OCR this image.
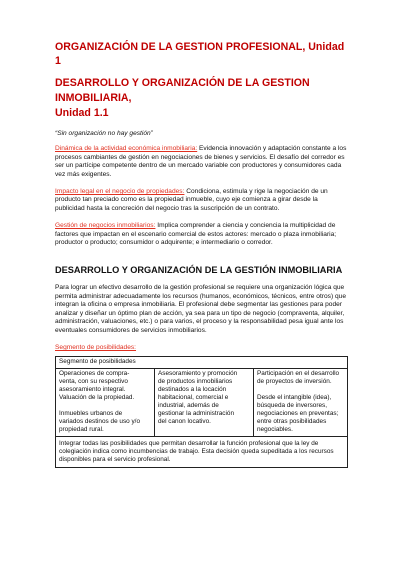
ORGANIZACIÓN DE LA GESTION PROFESIONAL, Unidad 1
DESARROLLO Y ORGANIZACIÓN DE LA GESTION INMOBILIARIA,
Unidad 1.1
“Sin organización no hay gestión”

Dinámica de la actividad económica inmobiliaria: Evidencia innovación y adaptación constante a los procesos cambiantes de gestión en negociaciones de bienes y servicios. El desafío del corredor es ser un partícipe competente dentro de un mercado variable con productores y consumidores cada vez más exigentes.

Impacto legal en el negocio de propiedades: Condiciona, estimula y rige la negociación de un producto tan preciado como es la propiedad inmueble, cuyo eje comienza a girar desde la publicidad hasta la concreción del negocio tras la suscripción de un contrato.

Gestión de negocios inmobiliarios: Implica comprender a ciencia y conciencia la multiplicidad de factores que impactan en el escenario comercial de estos actores: mercado o plaza inmobiliaria; productor o producto; consumidor o adquirente; e intermediario o corredor.

DESARROLLO Y ORGANIZACIÓN DE LA GESTIÓN INMOBILIARIA

Para lograr un efectivo desarrollo de la gestión profesional se requiere una organización lógica que permita administrar adecuadamente los recursos (humanos, económicos, técnicos, entre otros) que integran la oficina o empresa inmobiliaria. El profesional debe segmentar las gestiones para poder analizar y diseñar un óptimo plan de acción, ya sea para un tipo de negocio (compraventa, alquiler, administración, valuaciones, etc.) o para varios, el proceso y la responsabilidad pesa igual ante los eventuales consumidores de servicios inmobiliarios.

Segmento de posibilidades:

Segmento de posibilidades

Operaciones de compra-
venta, con su respectivo
asesoramiento integral.
Valuación de la propiedad.
Inmuebles urbanos de
variados destinos de uso y/o
propiedad rural.

Asesoramiento y promoción
de productos inmobiliarios
destinados a la locación
habitacional, comercial e
industrial, además de
gestionar la administración
del canon locativo.

Participación en el desarrollo
de proyectos de inversión.
Desde el intangible (idea),
búsqueda de inversores,
negociaciones en preventas;
entre otras posibilidades
negociables.

Integrar todas las posibilidades que permitan desarrollar la función profesional que la ley de colegiación indica como incumbencias de trabajo. Esta decisión queda supeditada a los recursos disponibles para el servicio profesional.
